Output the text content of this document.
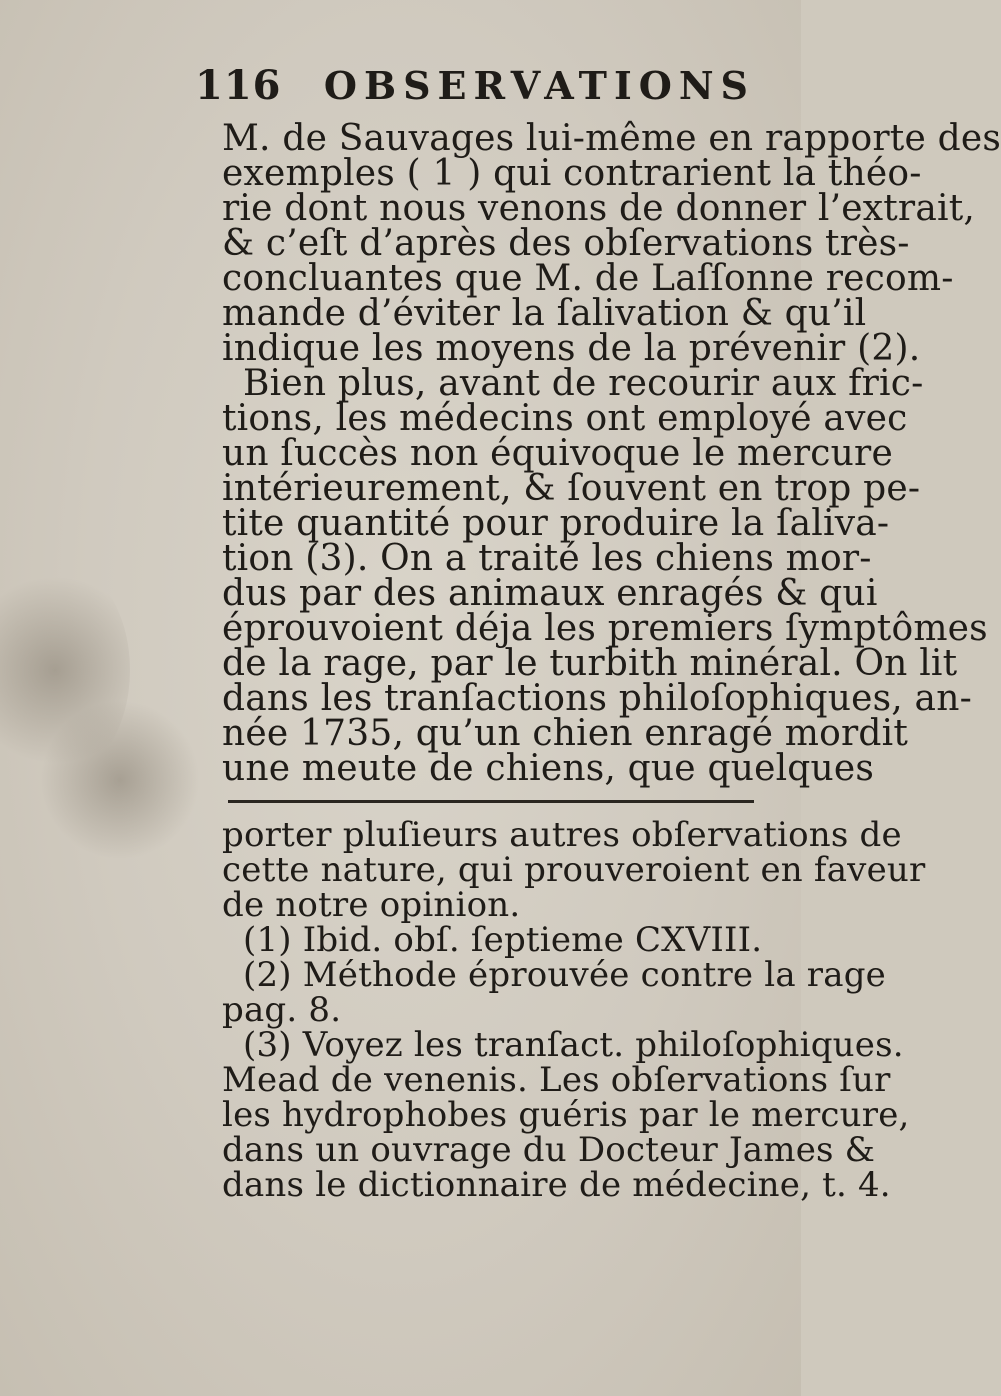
116	OBSERVATIONS
M. de Sauvages lui-même en rapporte des
exemples ( 1 ) qui contrarient la théo-
rie dont nous venons de donner l’extrait,
& c’eſt d’après des obſervations très-
concluantes que M. de Laſſonne recom-
mande d’éviter la ſalivation & qu’il
indique les moyens de la prévenir (2).
Bien plus, avant de recourir aux fric-
tions, les médecins ont employé avec
un ſuccès non équivoque le mercure
intérieurement, & ſouvent en trop pe-
tite quantité pour produire la ſaliva-
tion (3). On a traité les chiens mor-
dus par des animaux enragés & qui
éprouvoient déja les premiers ſymptômes
de la rage, par le turbith minéral. On lit
dans les tranſactions philoſophiques, an-
née 1735, qu’un chien enragé mordit
une meute de chiens, que quelques
porter pluſieurs autres obſervations de
cette nature, qui prouveroient en faveur
de notre opinion.
(1) Ibid. obſ. ſeptieme CXVIII.
(2) Méthode éprouvée contre la rage
pag. 8.
(3) Voyez les tranſact. philoſophiques.
Mead de venenis. Les obſervations ſur
les hydrophobes guéris par le mercure,
dans un ouvrage du Docteur James &
dans le dictionnaire de médecine, t. 4.
